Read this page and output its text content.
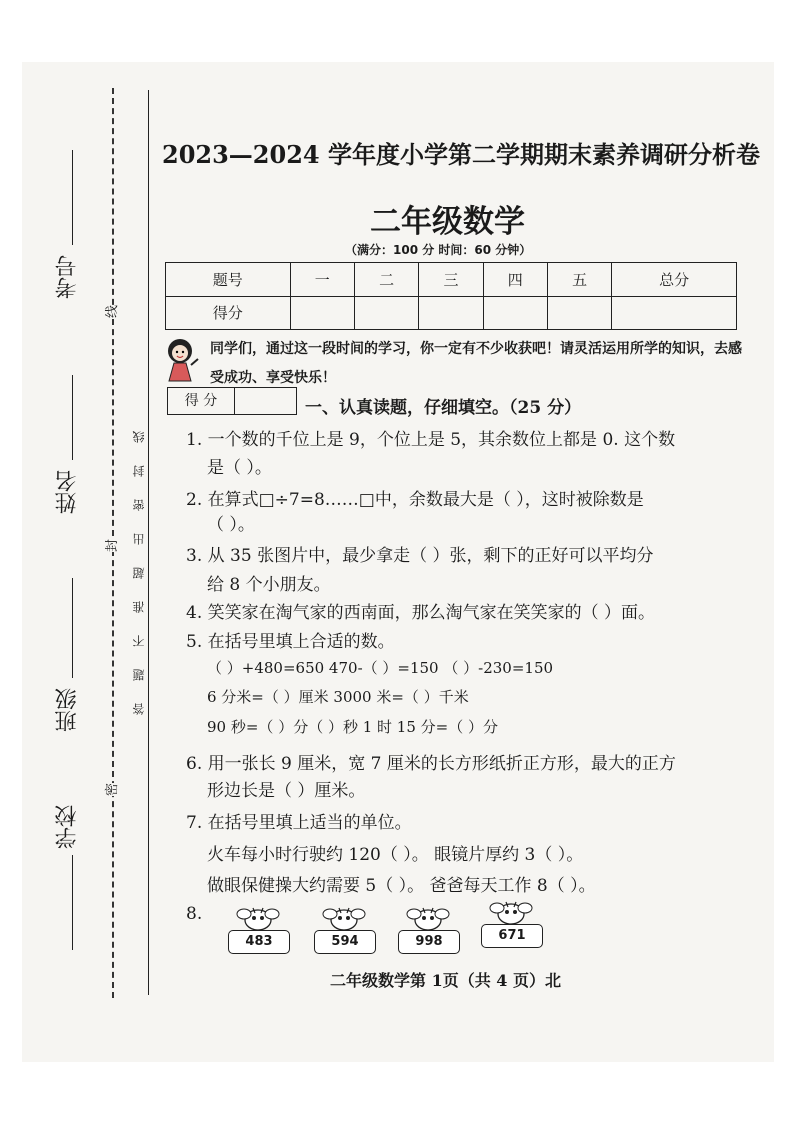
考号
姓名
班级
学校
线
封
密
答题不准超出密封线
2023—2024 学年度小学第二学期期末素养调研分析卷
二年级数学
（满分：100 分 时间：60 分钟）
题号	一	二	三	四	五	总分
得分						
同学们，通过这一段时间的学习，你一定有不少收获吧！请灵活运用所学的知识，去感受成功、享受快乐！
得 分	一、认真读题，仔细填空。（25 分）
1. 一个数的千位上是 9，个位上是 5，其余数位上都是 0. 这个数
是（ ）。
2. 在算式□÷7=8……□中，余数最大是（ ），这时被除数是
（ ）。
3. 从 35 张图片中，最少拿走（ ）张，剩下的正好可以平均分
给 8 个小朋友。
4. 笑笑家在淘气家的西南面，那么淘气家在笑笑家的（ ）面。
5. 在括号里填上合适的数。
（ ）+480=650 470-（ ）=150 （ ）-230=150
6 分米=（ ）厘米 3000 米=（ ）千米
90 秒=（ ）分（ ）秒 1 时 15 分=（ ）分
6. 用一张长 9 厘米，宽 7 厘米的长方形纸折正方形，最大的正方
形边长是（ ）厘米。
7. 在括号里填上适当的单位。
火车每小时行驶约 120（ ）。 眼镜片厚约 3（ ）。
做眼保健操大约需要 5（ ）。 爸爸每天工作 8（ ）。
8.
483	594	998	671
二年级数学第 1页（共 4 页）北
